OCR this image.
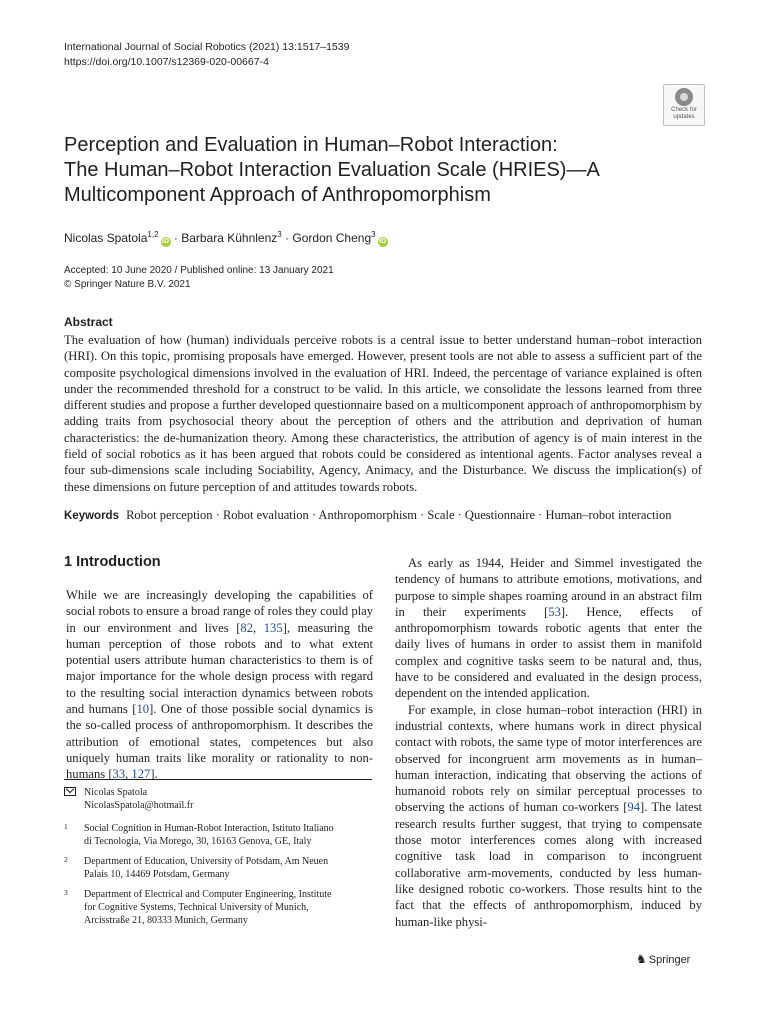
International Journal of Social Robotics (2021) 13:1517–1539
https://doi.org/10.1007/s12369-020-00667-4
Check for
updates
Perception and Evaluation in Human–Robot Interaction:
The Human–Robot Interaction Evaluation Scale (HRIES)—A
Multicomponent Approach of Anthropomorphism
Nicolas Spatola$^{1,2}$iD · Barbara Kühnlenz$^3$ · Gordon Cheng$^3$iD
Accepted: 10 June 2020 / Published online: 13 January 2021
© Springer Nature B.V. 2021
Abstract

The evaluation of how (human) individuals perceive robots is a central issue to better understand human–robot interaction (HRI). On this topic, promising proposals have emerged. However, present tools are not able to assess a sufficient part of the composite psychological dimensions involved in the evaluation of HRI. Indeed, the percentage of variance explained is often under the recommended threshold for a construct to be valid. In this article, we consolidate the lessons learned from three different studies and propose a further developed questionnaire based on a multicomponent approach of anthropomorphism by adding traits from psychosocial theory about the perception of others and the attribution and deprivation of human characteristics: the de-humanization theory. Among these characteristics, the attribution of agency is of main interest in the field of social robotics as it has been argued that robots could be considered as intentional agents. Factor analyses reveal a four sub-dimensions scale including Sociability, Agency, Animacy, and the Disturbance. We discuss the implication(s) of these dimensions on future perception of and attitudes towards robots.

Keywords Robot perception · Robot evaluation · Anthropomorphism · Scale · Questionnaire · Human–robot interaction
1 Introduction

While we are increasingly developing the capabilities of social robots to ensure a broad range of roles they could play in our environment and lives [82, 135], measuring the human perception of those robots and to what extent potential users attribute human characteristics to them is of major importance for the whole design process with regard to the resulting social interaction dynamics between robots and humans [10]. One of those possible social dynamics is the so-called process of anthropomorphism. It describes the attribution of emotional states, competences but also uniquely human traits like morality or rationality to non-humans [33, 127].

As early as 1944, Heider and Simmel investigated the tendency of humans to attribute emotions, motivations, and purpose to simple shapes roaming around in an abstract film in their experiments [53]. Hence, effects of anthropomorphism towards robotic agents that enter the daily lives of humans in order to assist them in manifold complex and cognitive tasks seem to be natural and, thus, have to be considered and evaluated in the design process, dependent on the intended application.

For example, in close human–robot interaction (HRI) in industrial contexts, where humans work in direct physical contact with robots, the same type of motor interferences are observed for incongruent arm movements as in human–human interaction, indicating that observing the actions of humanoid robots rely on similar perceptual processes to observing the actions of human co-workers [94]. The latest research results further suggest, that trying to compensate those motor interferences comes along with increased cognitive task load in comparison to incongruent collaborative arm-movements, conducted by less human-like designed robotic co-workers. Those results hint to the fact that the effects of anthropomorphism, induced by human-like physi-

Nicolas Spatola
NicolasSpatola@hotmail.fr
1 Social Cognition in Human-Robot Interaction, Istituto Italiano
di Tecnologia, Via Morego, 30, 16163 Genova, GE, Italy
2 Department of Education, University of Potsdam, Am Neuen
Palais 10, 14469 Potsdam, Germany
3 Department of Electrical and Computer Engineering, Institute
for Cognitive Systems, Technical University of Munich,
Arcisstraße 21, 80333 Munich, Germany
♞ Springer
